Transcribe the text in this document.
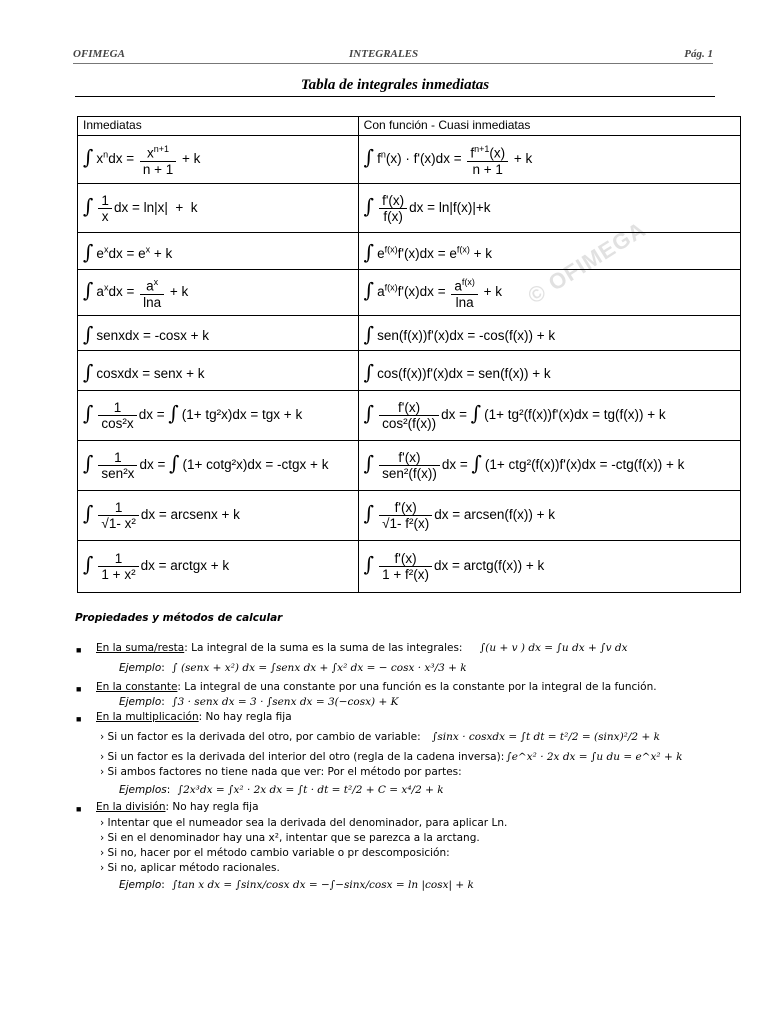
OFIMEGA	INTEGRALES	Pág. 1
Tabla de integrales inmediatas
© OFIMEGA
Inmediatas	Con función - Cuasi inmediatas
∫ $x^ndx = \frac{x^{n+1}}{n + 1} + k$	∫ $f^n(x) \cdot f'(x)dx = \frac{f^{n+1}(x)}{n + 1} + k$
∫ $\frac{1}{x}$ dx = ln|x|  +  k	∫ $\frac{f'(x)}{f(x)}$ dx = ln|f(x)|+k
∫ $e^xdx = e^x + k$	∫ $e^{f(x)}f'(x)dx = e^{f(x)} + k$
∫ $a^xdx = \frac{a^x}{\ln a} + k$	∫ $a^{f(x)}f'(x)dx = \frac{a^{f(x)}}{\ln a} + k$
∫ senxdx = -cosx + k	∫ sen(f(x))f'(x)dx = -cos(f(x)) + k
∫ cosxdx = senx + k	∫ cos(f(x))f'(x)dx = sen(f(x)) + k
∫ $\frac{1}{\text{cos²x}}$ dx = ∫ (1+ tg²x)dx = tgx + k	∫ $\frac{f'(x)}{\text{cos²(f(x))}}$ dx = ∫ (1+ tg²(f(x))f'(x)dx = tg(f(x)) + k
∫ $\frac{1}{\text{sen²x}}$ dx = ∫ (1+ cotg²x)dx = -ctgx + k	∫ $\frac{f'(x)}{\text{sen²(f(x))}}$ dx = ∫ (1+ ctg²(f(x))f'(x)dx = -ctg(f(x)) + k
∫ $\frac{1}{\text{√1- x²}}$ dx = arcsenx + k	∫ $\frac{f'(x)}{\text{√1- f²(x)}}$ dx = arcsen(f(x)) + k
∫ $\frac{1}{\text{1 + x²}}$ dx = arctgx + k	∫ $\frac{f'(x)}{\text{1 + f²(x)}}$ dx = arctg(f(x)) + k
Propiedades y métodos de calcular
■ En la suma/resta: La integral de la suma es la suma de las integrales: ∫(u + v ) dx = ∫u dx + ∫v dx
Ejemplo: ∫ (senx + x²) dx = ∫senx dx + ∫x² dx = − cosx · x³/3 + k
■ En la constante: La integral de una constante por una función es la constante por la integral de la función.
Ejemplo: ∫3 · senx dx = 3 · ∫senx dx = 3(−cosx) + K
■ En la multiplicación: No hay regla fija
› Si un factor es la derivada del otro, por cambio de variable: ∫sinx · cosxdx = ∫t dt = t²/2 = (sinx)²/2 + k
› Si un factor es la derivada del interior del otro (regla de la cadena inversa): ∫e^x² · 2x dx = ∫u du = e^x² + k
› Si ambos factores no tiene nada que ver: Por el método por partes:
Ejemplos: ∫2x³dx = ∫x² · 2x dx = ∫t · dt = t²/2 + C = x⁴/2 + k
■ En la división: No hay regla fija
› Intentar que el numeador sea la derivada del denominador, para aplicar Ln.
› Si en el denominador hay una x², intentar que se parezca a la arctang.
› Si no, hacer por el método cambio variable o pr descomposición:
› Si no, aplicar método racionales.
Ejemplo: ∫tan x dx = ∫sinx/cosx dx = −∫−sinx/cosx = ln |cosx| + k
